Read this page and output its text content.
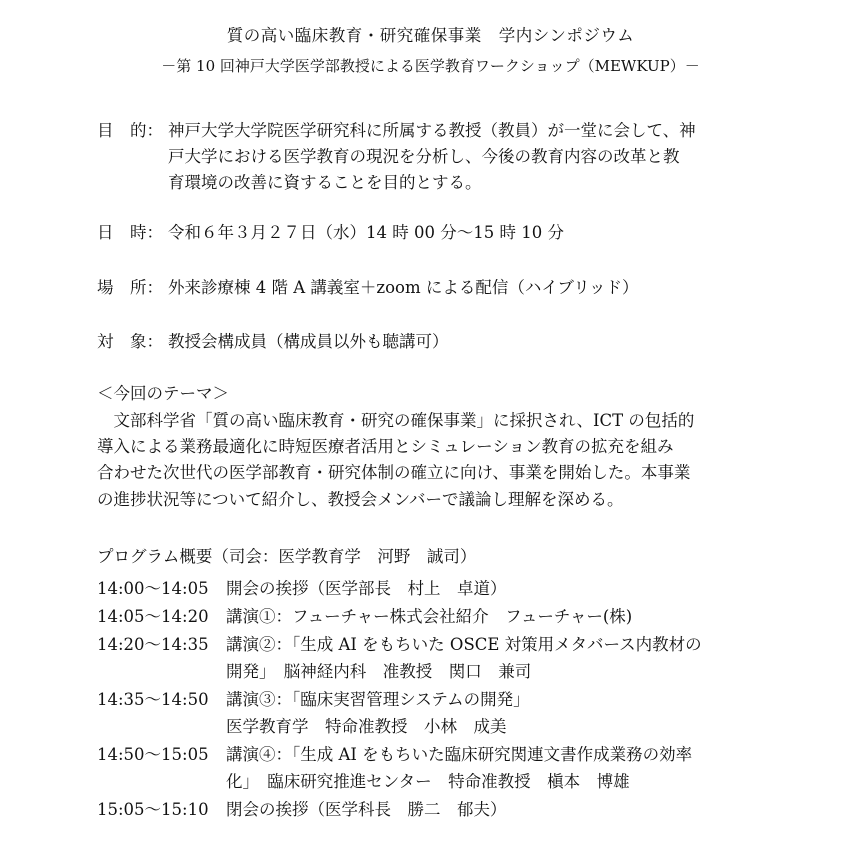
質の高い臨床教育・研究確保事業　学内シンポジウム
－第 10 回神戸大学医学部教授による医学教育ワークショップ（MEWKUP）－
目　的： 神戸大学大学院医学研究科に所属する教授（教員）が一堂に会して、神
戸大学における医学教育の現況を分析し、今後の教育内容の改革と教
育環境の改善に資することを目的とする。
日　時： 令和６年３月２７日（水）14 時 00 分～15 時 10 分
場　所： 外来診療棟 4 階 A 講義室＋zoom による配信（ハイブリッド）
対　象： 教授会構成員（構成員以外も聴講可）
＜今回のテーマ＞
　文部科学省「質の高い臨床教育・研究の確保事業」に採択され、ICT の包括的
導入による業務最適化に時短医療者活用とシミュレーション教育の拡充を組み
合わせた次世代の医学部教育・研究体制の確立に向け、事業を開始した。本事業
の進捗状況等について紹介し、教授会メンバーで議論し理解を深める。
プログラム概要（司会：医学教育学　河野　誠司）
14:00～14:05 開会の挨拶（医学部長　村上　卓道）
14:05～14:20 講演①：フューチャー株式会社紹介　フューチャー(株)
14:20～14:35 講演②：「生成 AI をもちいた OSCE 対策用メタバース内教材の
開発」　脳神経内科　准教授　関口　兼司
14:35～14:50 講演③：「臨床実習管理システムの開発」
医学教育学　特命准教授　小林　成美
14:50～15:05 講演④：「生成 AI をもちいた臨床研究関連文書作成業務の効率
化」　臨床研究推進センター　特命准教授　槇本　博雄
15:05～15:10 閉会の挨拶（医学科長　勝二　郁夫）
